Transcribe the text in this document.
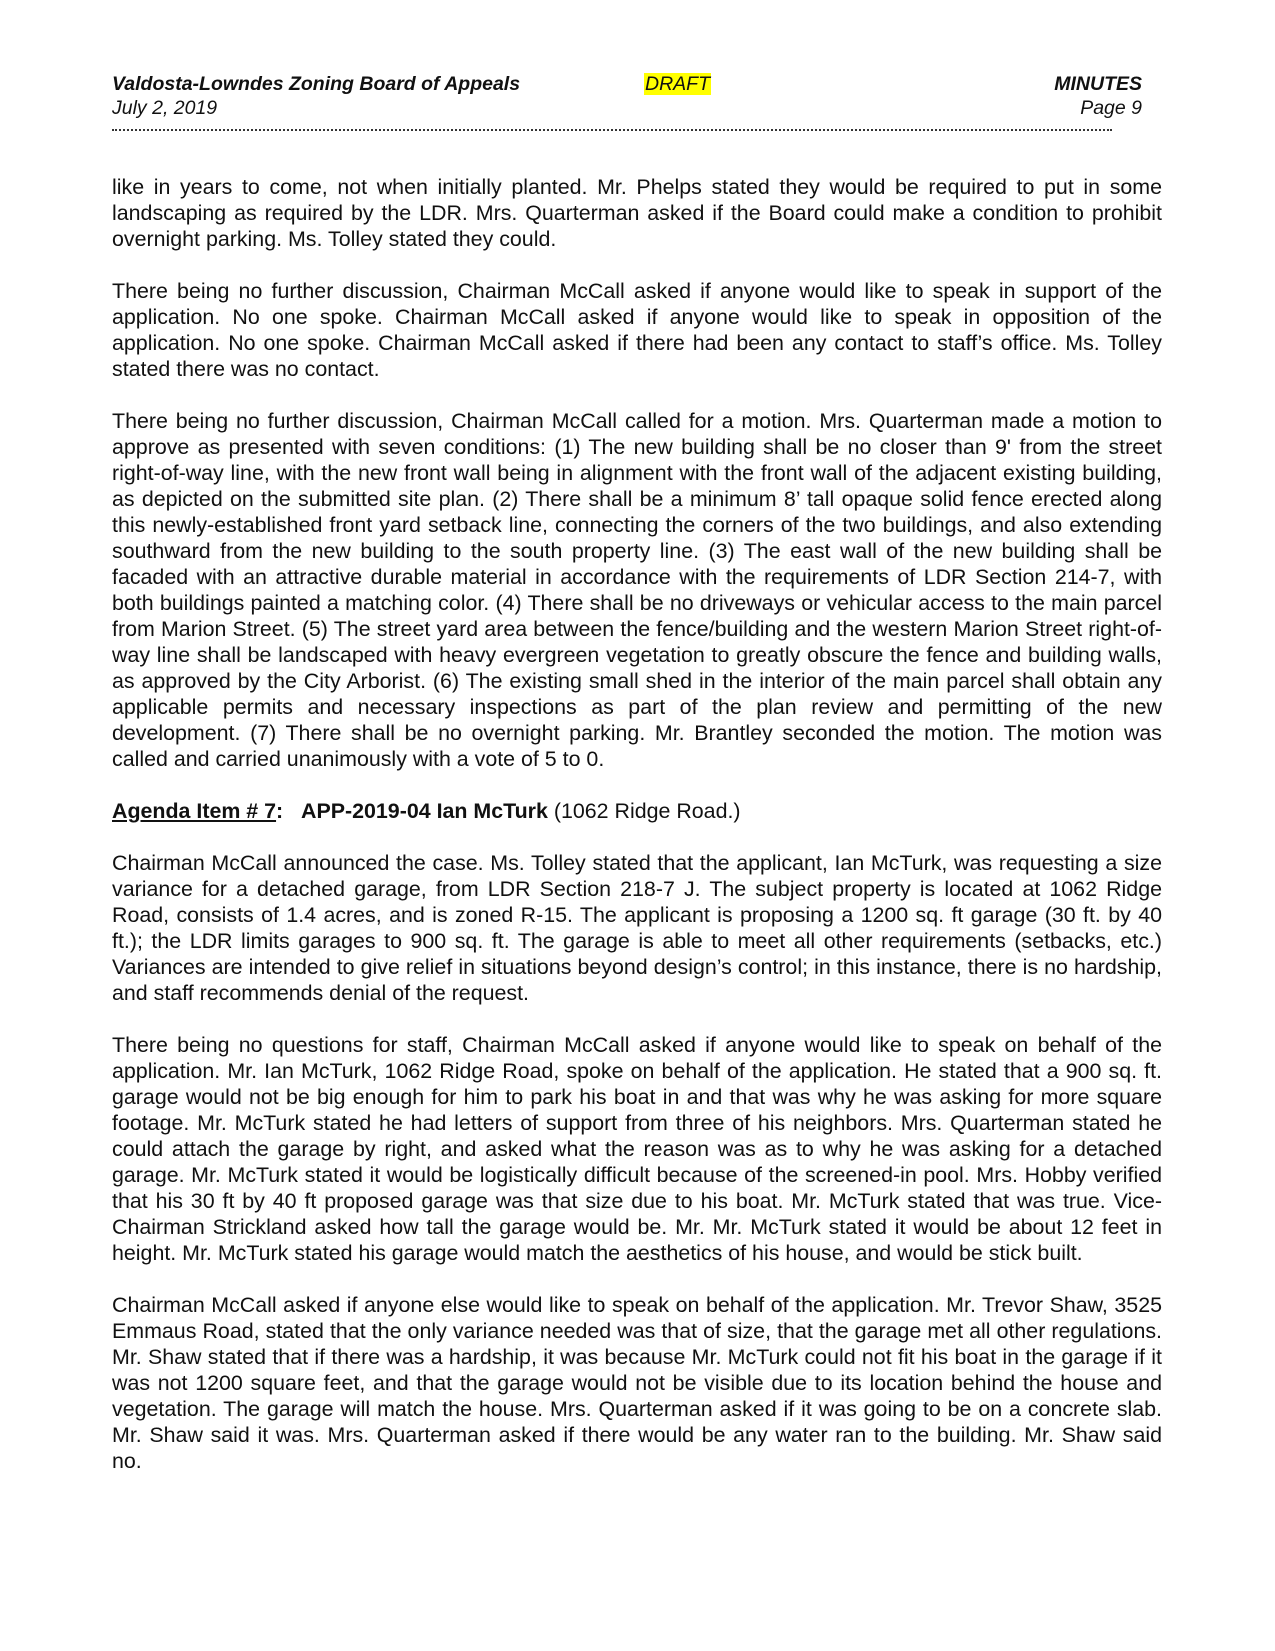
Valdosta-Lowndes Zoning Board of Appeals	DRAFT	MINUTES
July 2, 2019	Page 9

like in years to come, not when initially planted. Mr. Phelps stated they would be required to put in some landscaping as required by the LDR. Mrs. Quarterman asked if the Board could make a condition to prohibit overnight parking. Ms. Tolley stated they could.

There being no further discussion, Chairman McCall asked if anyone would like to speak in support of the application. No one spoke. Chairman McCall asked if anyone would like to speak in opposition of the application. No one spoke. Chairman McCall asked if there had been any contact to staff’s office. Ms. Tolley stated there was no contact.

There being no further discussion, Chairman McCall called for a motion. Mrs. Quarterman made a motion to approve as presented with seven conditions: (1) The new building shall be no closer than 9' from the street right-of-way line, with the new front wall being in alignment with the front wall of the adjacent existing building, as depicted on the submitted site plan. (2) There shall be a minimum 8’ tall opaque solid fence erected along this newly-established front yard setback line, connecting the corners of the two buildings, and also extending southward from the new building to the south property line. (3) The east wall of the new building shall be facaded with an attractive durable material in accordance with the requirements of LDR Section 214-7, with both buildings painted a matching color. (4) There shall be no driveways or vehicular access to the main parcel from Marion Street. (5) The street yard area between the fence/building and the western Marion Street right-of-way line shall be landscaped with heavy evergreen vegetation to greatly obscure the fence and building walls, as approved by the City Arborist. (6) The existing small shed in the interior of the main parcel shall obtain any applicable permits and necessary inspections as part of the plan review and permitting of the new development. (7) There shall be no overnight parking. Mr. Brantley seconded the motion. The motion was called and carried unanimously with a vote of 5 to 0.

Agenda Item # 7: APP-2019-04 Ian McTurk (1062 Ridge Road.)

Chairman McCall announced the case. Ms. Tolley stated that the applicant, Ian McTurk, was requesting a size variance for a detached garage, from LDR Section 218-7 J. The subject property is located at 1062 Ridge Road, consists of 1.4 acres, and is zoned R-15. The applicant is proposing a 1200 sq. ft garage (30 ft. by 40 ft.); the LDR limits garages to 900 sq. ft. The garage is able to meet all other requirements (setbacks, etc.) Variances are intended to give relief in situations beyond design’s control; in this instance, there is no hardship, and staff recommends denial of the request.

There being no questions for staff, Chairman McCall asked if anyone would like to speak on behalf of the application. Mr. Ian McTurk, 1062 Ridge Road, spoke on behalf of the application. He stated that a 900 sq. ft. garage would not be big enough for him to park his boat in and that was why he was asking for more square footage. Mr. McTurk stated he had letters of support from three of his neighbors. Mrs. Quarterman stated he could attach the garage by right, and asked what the reason was as to why he was asking for a detached garage. Mr. McTurk stated it would be logistically difficult because of the screened-in pool. Mrs. Hobby verified that his 30 ft by 40 ft proposed garage was that size due to his boat. Mr. McTurk stated that was true. Vice-Chairman Strickland asked how tall the garage would be. Mr. Mr. McTurk stated it would be about 12 feet in height. Mr. McTurk stated his garage would match the aesthetics of his house, and would be stick built.

Chairman McCall asked if anyone else would like to speak on behalf of the application. Mr. Trevor Shaw, 3525 Emmaus Road, stated that the only variance needed was that of size, that the garage met all other regulations. Mr. Shaw stated that if there was a hardship, it was because Mr. McTurk could not fit his boat in the garage if it was not 1200 square feet, and that the garage would not be visible due to its location behind the house and vegetation. The garage will match the house. Mrs. Quarterman asked if it was going to be on a concrete slab. Mr. Shaw said it was. Mrs. Quarterman asked if there would be any water ran to the building. Mr. Shaw said no.
